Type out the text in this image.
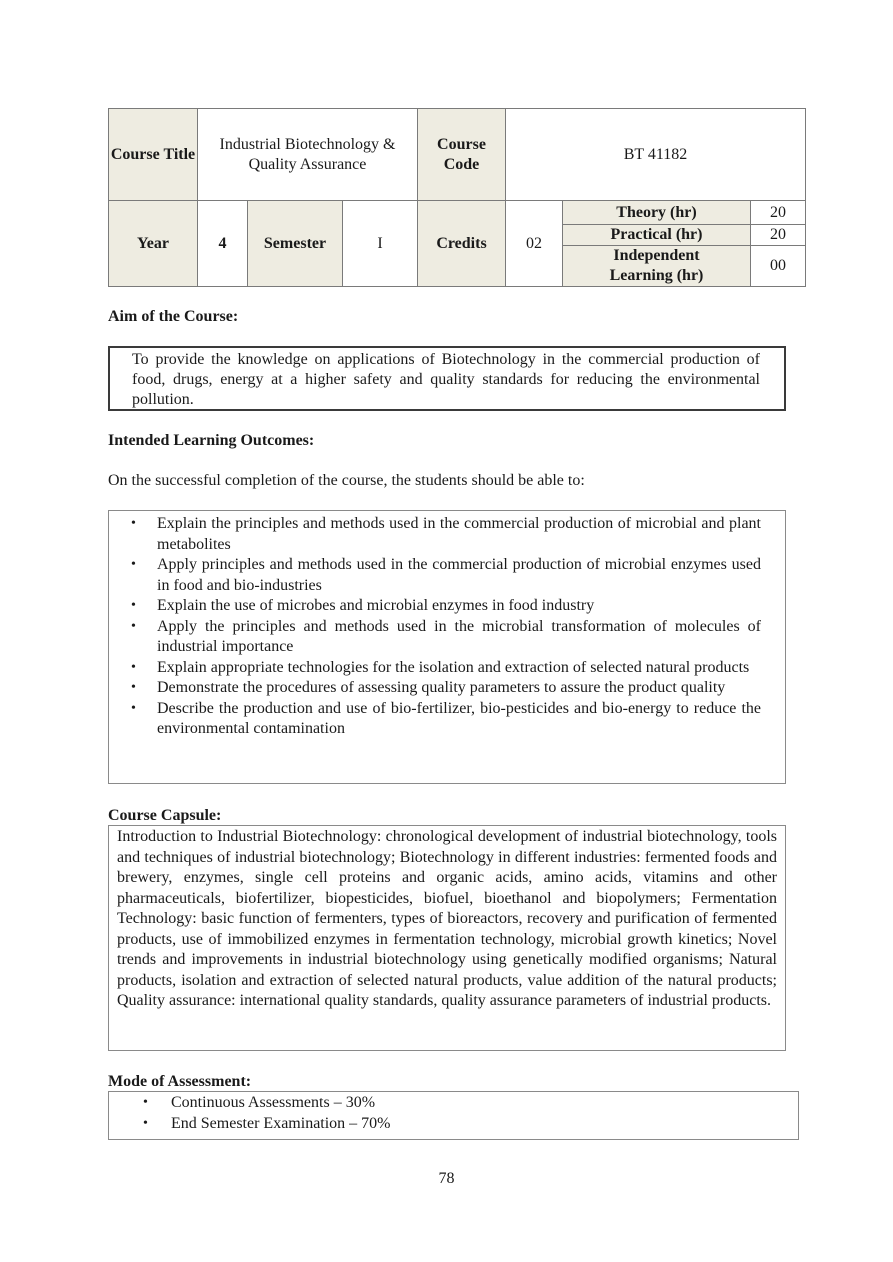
Course Title	Industrial Biotechnology & Quality Assurance			Course Code	BT 41182		
Year	4	Semester	I	Credits	02	Theory (hr)	20
						Practical (hr)	20
						Independent Learning (hr)	00
Aim of the Course:
To provide the knowledge on applications of Biotechnology in the commercial production of food, drugs, energy at a higher safety and quality standards for reducing the environmental pollution.
Intended Learning Outcomes:
On the successful completion of the course, the students should be able to:
• Explain the principles and methods used in the commercial production of microbial and plant metabolites
• Apply principles and methods used in the commercial production of microbial enzymes used in food and bio-industries
• Explain the use of microbes and microbial enzymes in food industry
• Apply the principles and methods used in the microbial transformation of molecules of industrial importance
• Explain appropriate technologies for the isolation and extraction of selected natural products
• Demonstrate the procedures of assessing quality parameters to assure the product quality
• Describe the production and use of bio-fertilizer, bio-pesticides and bio-energy to reduce the environmental contamination
Course Capsule:
Introduction to Industrial Biotechnology: chronological development of industrial biotechnology, tools and techniques of industrial biotechnology; Biotechnology in different industries: fermented foods and brewery, enzymes, single cell proteins and organic acids, amino acids, vitamins and other pharmaceuticals, biofertilizer, biopesticides, biofuel, bioethanol and biopolymers; Fermentation Technology: basic function of fermenters, types of bioreactors, recovery and purification of fermented products, use of immobilized enzymes in fermentation technology, microbial growth kinetics; Novel trends and improvements in industrial biotechnology using genetically modified organisms; Natural products, isolation and extraction of selected natural products, value addition of the natural products; Quality assurance: international quality standards, quality assurance parameters of industrial products.
Mode of Assessment:
• Continuous Assessments – 30%
• End Semester Examination – 70%
78
